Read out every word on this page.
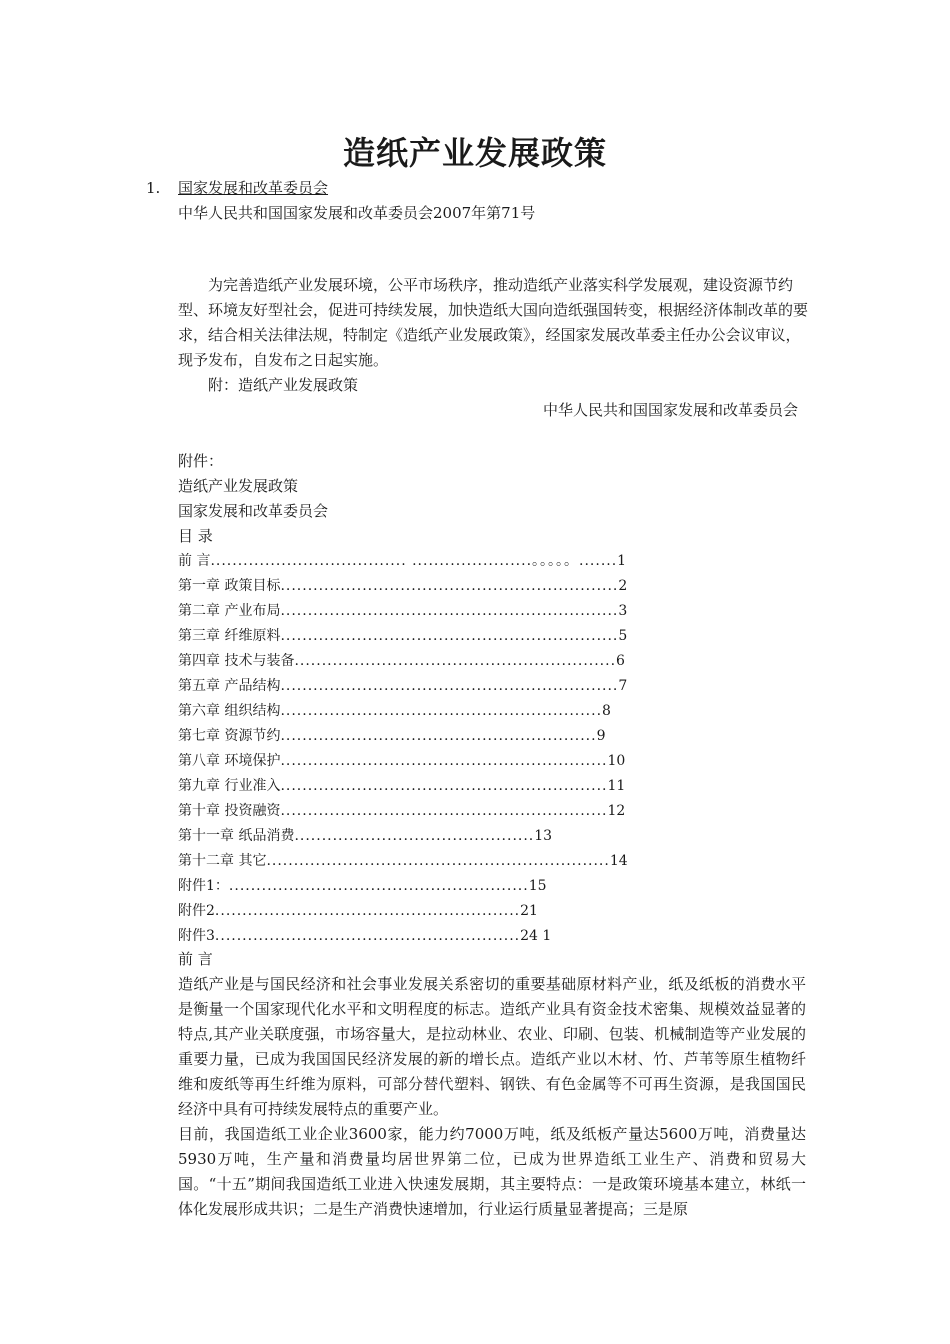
造纸产业发展政策
1. 国家发展和改革委员会
中华人民共和国国家发展和改革委员会2007年第71号

为完善造纸产业发展环境，公平市场秩序，推动造纸产业落实科学发展观，建设资源节约型、环境友好型社会，促进可持续发展，加快造纸大国向造纸强国转变，根据经济体制改革的要求，结合相关法律法规，特制定《造纸产业发展政策》，经国家发展改革委主任办公会议审议，现予发布，自发布之日起实施。

附：造纸产业发展政策

中华人民共和国国家发展和改革委员会
附件：
造纸产业发展政策
国家发展和改革委员会
目 录
前 言.................................... ......................。。。。。.......1
第一章 政策目标..............................................................2
第二章 产业布局..............................................................3
第三章 纤维原料..............................................................5
第四章 技术与装备...........................................................6
第五章 产品结构..............................................................7
第六章 组织结构...........................................................8
第七章 资源节约..........................................................9
第八章 环境保护............................................................10
第九章 行业准入............................................................11
第十章 投资融资............................................................12
第十一章 纸品消费............................................13
第十二章 其它...............................................................14
附件1：.......................................................15
附件2........................................................21
附件3........................................................24 1
前 言

造纸产业是与国民经济和社会事业发展关系密切的重要基础原材料产业，纸及纸板的消费水平是衡量一个国家现代化水平和文明程度的标志。造纸产业具有资金技术密集、规模效益显著的特点,其产业关联度强，市场容量大，是拉动林业、农业、印刷、包装、机械制造等产业发展的重要力量，已成为我国国民经济发展的新的增长点。造纸产业以木材、竹、芦苇等原生植物纤维和废纸等再生纤维为原料，可部分替代塑料、钢铁、有色金属等不可再生资源，是我国国民经济中具有可持续发展特点的重要产业。

目前，我国造纸工业企业3600家，能力约7000万吨，纸及纸板产量达5600万吨，消费量达5930万吨，生产量和消费量均居世界第二位，已成为世界造纸工业生产、消费和贸易大国。“十五”期间我国造纸工业进入快速发展期，其主要特点：一是政策环境基本建立，林纸一体化发展形成共识；二是生产消费快速增加，行业运行质量显著提高；三是原
